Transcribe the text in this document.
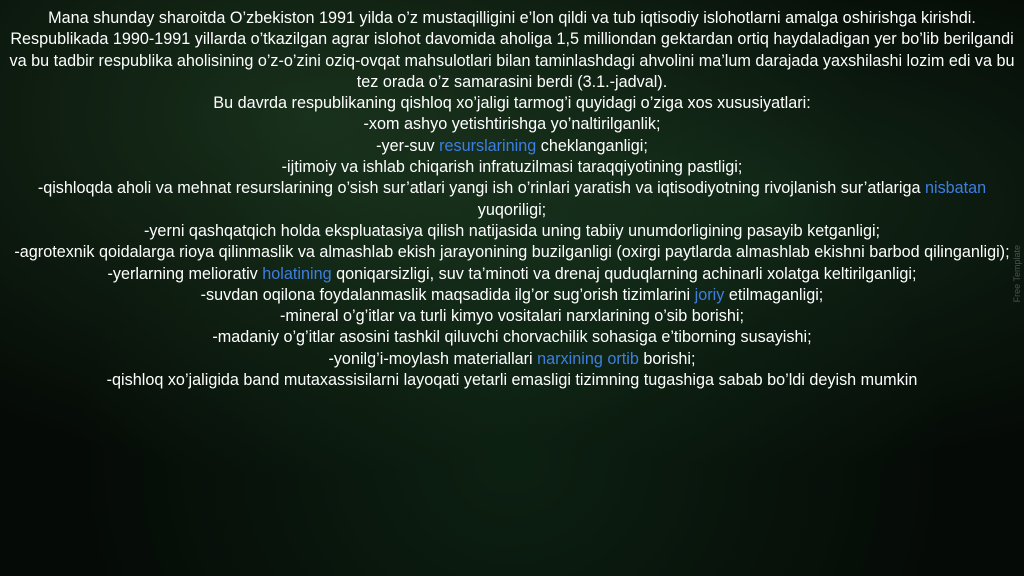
Mana shunday sharoitda O’zbekiston 1991 yilda o’z mustaqilligini e’lon qildi va tub iqtisodiy islohotlarni amalga oshirishga kirishdi.
Respublikada 1990-1991 yillarda o’tkazilgan agrar islohot davomida aholiga 1,5 milliondan gektardan ortiq haydaladigan yer bo’lib berilgandi va bu tadbir respublika aholisining o’z-o’zini oziq-ovqat mahsulotlari bilan taminlashdagi ahvolini ma’lum darajada yaxshilashi lozim edi va bu tez orada o’z samarasini berdi (3.1.-jadval).
Bu davrda respublikaning qishloq xo’jaligi tarmog’i quyidagi o’ziga xos xususiyatlari:
-xom ashyo yetishtirishga yo’naltirilganlik;
-yer-suv resurslarining cheklanganligi;
-ijtimoiy va ishlab chiqarish infratuzilmasi taraqqiyotining pastligi;
-qishloqda aholi va mehnat resurslarining o’sish sur’atlari yangi ish o’rinlari yaratish va iqtisodiyotning rivojlanish sur’atlariga nisbatan yuqoriligi;
-yerni qashqatqich holda ekspluatasiya qilish natijasida uning tabiiy unumdorligining pasayib ketganligi;
-agrotexnik qoidalarga rioya qilinmaslik va almashlab ekish jarayonining buzilganligi (oxirgi paytlarda almashlab ekishni barbod qilinganligi);
-yerlarning meliorativ holatining qoniqarsizligi, suv ta’minoti va drenaj quduqlarning achinarli xolatga keltirilganligi;
-suvdan oqilona foydalanmaslik maqsadida ilg’or sug’orish tizimlarini joriy etilmaganligi;
-mineral o’g’itlar va turli kimyo vositalari narxlarining o’sib borishi;
-madaniy o’g’itlar asosini tashkil qiluvchi chorvachilik sohasiga e’tiborning susayishi;
-yonilg’i-moylash materiallari narxining ortib borishi;
-qishloq xo’jaligida band mutaxassisilarni layoqati yetarli emasligi tizimning tugashiga sabab bo’ldi deyish mumkin
Free Template
